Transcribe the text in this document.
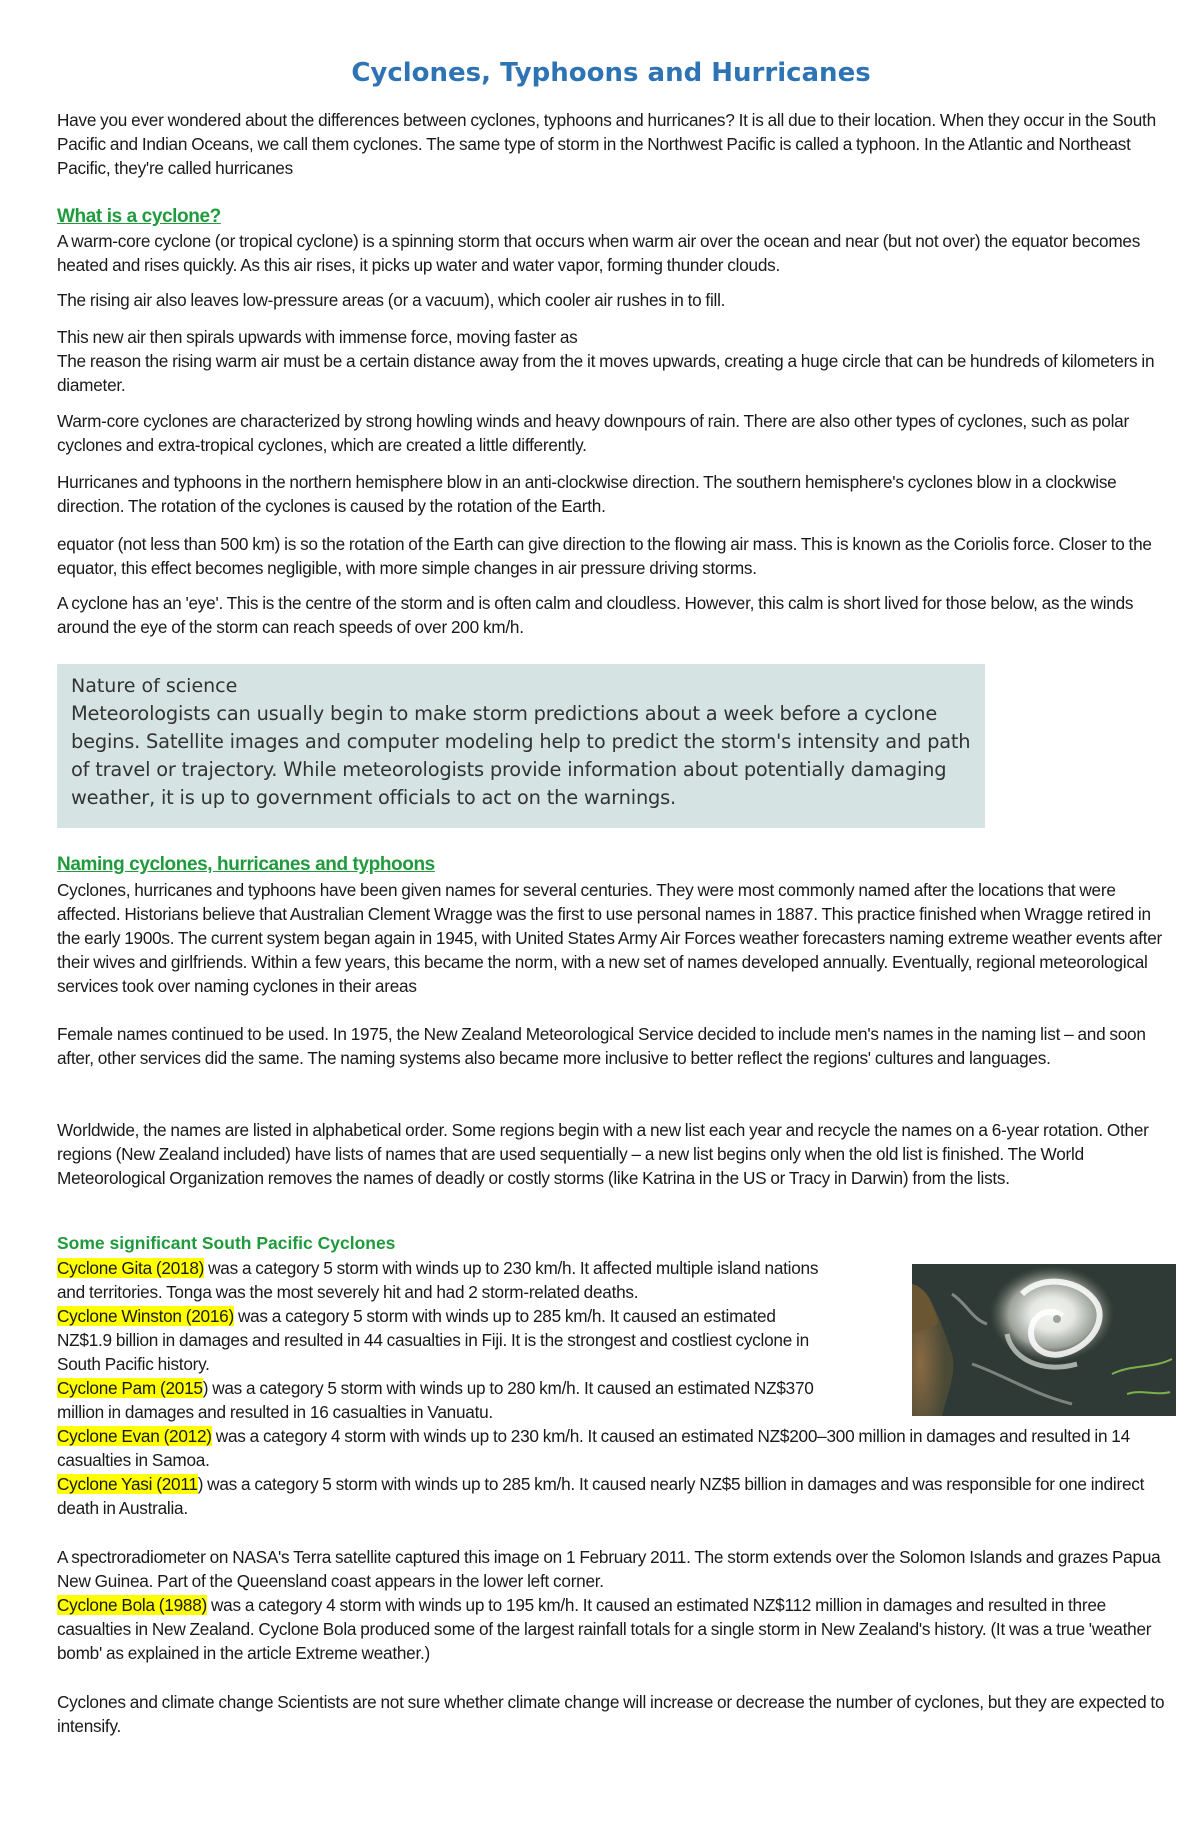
Cyclones, Typhoons and Hurricanes

Have you ever wondered about the differences between cyclones, typhoons and hurricanes? It is all due to their location. When they occur in the South Pacific and Indian Oceans, we call them cyclones. The same type of storm in the Northwest Pacific is called a typhoon. In the Atlantic and Northeast Pacific, they're called hurricanes

What is a cyclone?

A warm-core cyclone (or tropical cyclone) is a spinning storm that occurs when warm air over the ocean and near (but not over) the equator becomes heated and rises quickly. As this air rises, it picks up water and water vapor, forming thunder clouds.

The rising air also leaves low-pressure areas (or a vacuum), which cooler air rushes in to fill.

This new air then spirals upwards with immense force, moving faster as

The reason the rising warm air must be a certain distance away from the it moves upwards, creating a huge circle that can be hundreds of kilometers in diameter.

Warm-core cyclones are characterized by strong howling winds and heavy downpours of rain. There are also other types of cyclones, such as polar cyclones and extra-tropical cyclones, which are created a little differently.

Hurricanes and typhoons in the northern hemisphere blow in an anti-clockwise direction. The southern hemisphere's cyclones blow in a clockwise direction. The rotation of the cyclones is caused by the rotation of the Earth.

equator (not less than 500 km) is so the rotation of the Earth can give direction to the flowing air mass. This is known as the Coriolis force. Closer to the equator, this effect becomes negligible, with more simple changes in air pressure driving storms.

A cyclone has an 'eye'. This is the centre of the storm and is often calm and cloudless. However, this calm is short lived for those below, as the winds around the eye of the storm can reach speeds of over 200 km/h.

Nature of science

Meteorologists can usually begin to make storm predictions about a week before a cyclone begins. Satellite images and computer modeling help to predict the storm's intensity and path of travel or trajectory. While meteorologists provide information about potentially damaging weather, it is up to government officials to act on the warnings.

Naming cyclones, hurricanes and typhoons

Cyclones, hurricanes and typhoons have been given names for several centuries. They were most commonly named after the locations that were affected. Historians believe that Australian Clement Wragge was the first to use personal names in 1887. This practice finished when Wragge retired in the early 1900s. The current system began again in 1945, with United States Army Air Forces weather forecasters naming extreme weather events after their wives and girlfriends. Within a few years, this became the norm, with a new set of names developed annually. Eventually, regional meteorological services took over naming cyclones in their areas

Female names continued to be used. In 1975, the New Zealand Meteorological Service decided to include men's names in the naming list – and soon after, other services did the same. The naming systems also became more inclusive to better reflect the regions' cultures and languages.

Worldwide, the names are listed in alphabetical order. Some regions begin with a new list each year and recycle the names on a 6-year rotation. Other regions (New Zealand included) have lists of names that are used sequentially – a new list begins only when the old list is finished. The World Meteorological Organization removes the names of deadly or costly storms (like Katrina in the US or Tracy in Darwin) from the lists.

Some significant South Pacific Cyclones

Cyclone Gita (2018) was a category 5 storm with winds up to 230 km/h. It affected multiple island nations

and territories. Tonga was the most severely hit and had 2 storm-related deaths.

Cyclone Winston (2016) was a category 5 storm with winds up to 285 km/h. It caused an estimated

NZ$1.9 billion in damages and resulted in 44 casualties in Fiji. It is the strongest and costliest cyclone in

South Pacific history.

Cyclone Pam (2015) was a category 5 storm with winds up to 280 km/h. It caused an estimated NZ$370

million in damages and resulted in 16 casualties in Vanuatu.

Cyclone Evan (2012) was a category 4 storm with winds up to 230 km/h. It caused an estimated NZ$200–300 million in damages and resulted in 14 casualties in Samoa.

Cyclone Yasi (2011) was a category 5 storm with winds up to 285 km/h. It caused nearly NZ$5 billion in damages and was responsible for one indirect death in Australia.

A spectroradiometer on NASA's Terra satellite captured this image on 1 February 2011. The storm extends over the Solomon Islands and grazes Papua New Guinea. Part of the Queensland coast appears in the lower left corner.

Cyclone Bola (1988) was a category 4 storm with winds up to 195 km/h. It caused an estimated NZ$112 million in damages and resulted in three casualties in New Zealand. Cyclone Bola produced some of the largest rainfall totals for a single storm in New Zealand's history. (It was a true 'weather bomb' as explained in the article Extreme weather.)

Cyclones and climate change Scientists are not sure whether climate change will increase or decrease the number of cyclones, but they are expected to intensify.
